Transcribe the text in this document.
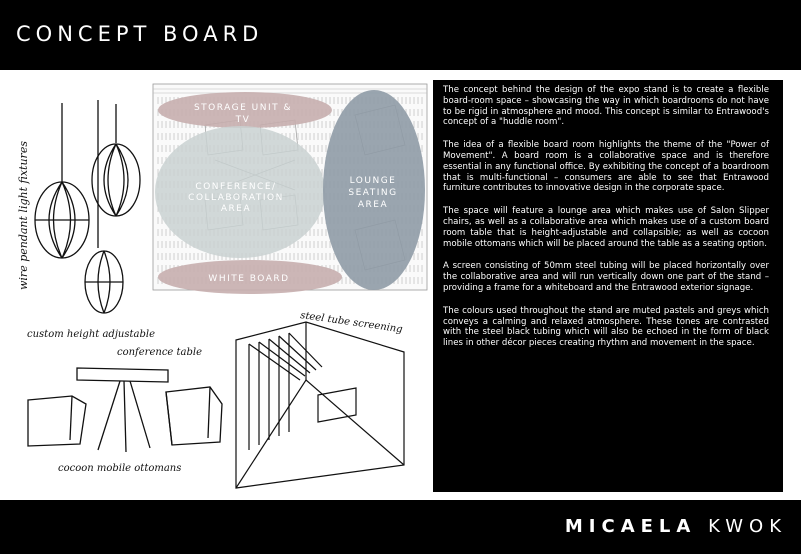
CONCEPT BOARD
STORAGE UNIT &
TV
CONFERENCE/
COLLABORATION
AREA
LOUNGE
SEATING
AREA
WHITE BOARD
wire pendant light fixtures
custom height adjustable
conference table
cocoon mobile ottomans
steel tube screening

The concept behind the design of the expo stand is to create a flexible board-room space – showcasing the way in which boardrooms do not have to be rigid in atmosphere and mood. This concept is similar to Entrawood's concept of a "huddle room".

The idea of a flexible board room highlights the theme of the "Power of Movement". A board room is a collaborative space and is therefore essential in any functional office. By exhibiting the concept of a boardroom that is multi-functional – consumers are able to see that Entrawood furniture contributes to innovative design in the corporate space.

The space will feature a lounge area which makes use of Salon Slipper chairs, as well as a collaborative area which makes use of a custom board room table that is height-adjustable and collapsible; as well as cocoon mobile ottomans which will be placed around the table as a seating option.

A screen consisting of 50mm steel tubing will be placed horizontally over the collaborative area and will run vertically down one part of the stand – providing a frame for a whiteboard and the Entrawood exterior signage.

The colours used throughout the stand are muted pastels and greys which conveys a calming and relaxed atmosphere. These tones are contrasted with the steel black tubing which will also be echoed in the form of black lines in other décor pieces creating rhythm and movement in the space.

MICAELA KWOK
